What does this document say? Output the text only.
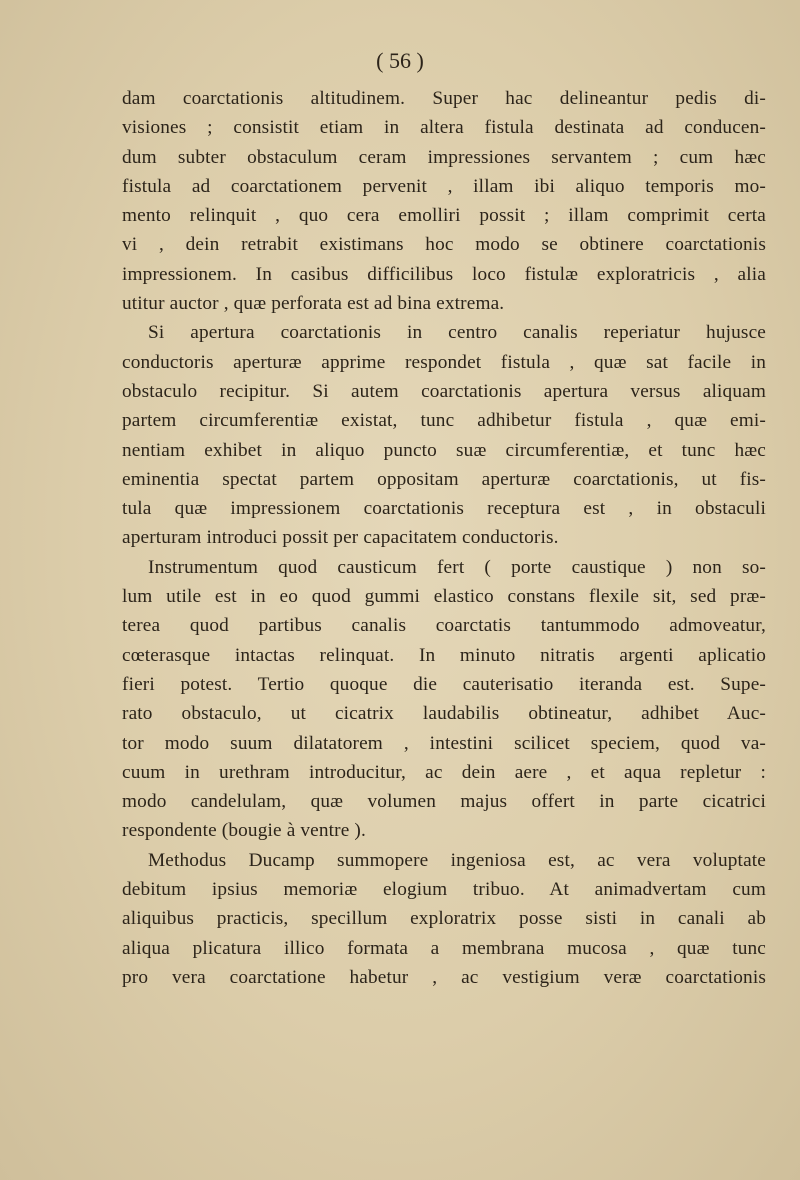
( 56 )
dam coarctationis altitudinem. Super hac delineantur pedis di-
visiones ; consistit etiam in altera fistula destinata ad conducen-
dum subter obstaculum ceram impressiones servantem ; cum hæc
fistula ad coarctationem pervenit , illam ibi aliquo temporis mo-
mento relinquit , quo cera emolliri possit ; illam comprimit certa
vi , dein retrabit existimans hoc modo se obtinere coarctationis
impressionem. In casibus difficilibus loco fistulæ exploratricis , alia
utitur auctor , quæ perforata est ad bina extrema.
Si apertura coarctationis in centro canalis reperiatur hujusce
conductoris aperturæ apprime respondet fistula , quæ sat facile in
obstaculo recipitur. Si autem coarctationis apertura versus aliquam
partem circumferentiæ existat, tunc adhibetur fistula , quæ emi-
nentiam exhibet in aliquo puncto suæ circumferentiæ, et tunc hæc
eminentia spectat partem oppositam aperturæ coarctationis, ut fis-
tula quæ impressionem coarctationis receptura est , in obstaculi
aperturam introduci possit per capacitatem conductoris.
Instrumentum quod causticum fert ( porte caustique ) non so-
lum utile est in eo quod gummi elastico constans flexile sit, sed præ-
terea quod partibus canalis coarctatis tantummodo admoveatur,
cœterasque intactas relinquat. In minuto nitratis argenti aplicatio
fieri potest. Tertio quoque die cauterisatio iteranda est. Supe-
rato obstaculo, ut cicatrix laudabilis obtineatur, adhibet Auc-
tor modo suum dilatatorem , intestini scilicet speciem, quod va-
cuum in urethram introducitur, ac dein aere , et aqua repletur :
modo candelulam, quæ volumen majus offert in parte cicatrici
respondente (bougie à ventre ).
Methodus Ducamp summopere ingeniosa est, ac vera voluptate
debitum ipsius memoriæ elogium tribuo. At animadvertam cum
aliquibus practicis, specillum exploratrix posse sisti in canali ab
aliqua plicatura illico formata a membrana mucosa , quæ tunc
pro vera coarctatione habetur , ac vestigium veræ coarctationis
